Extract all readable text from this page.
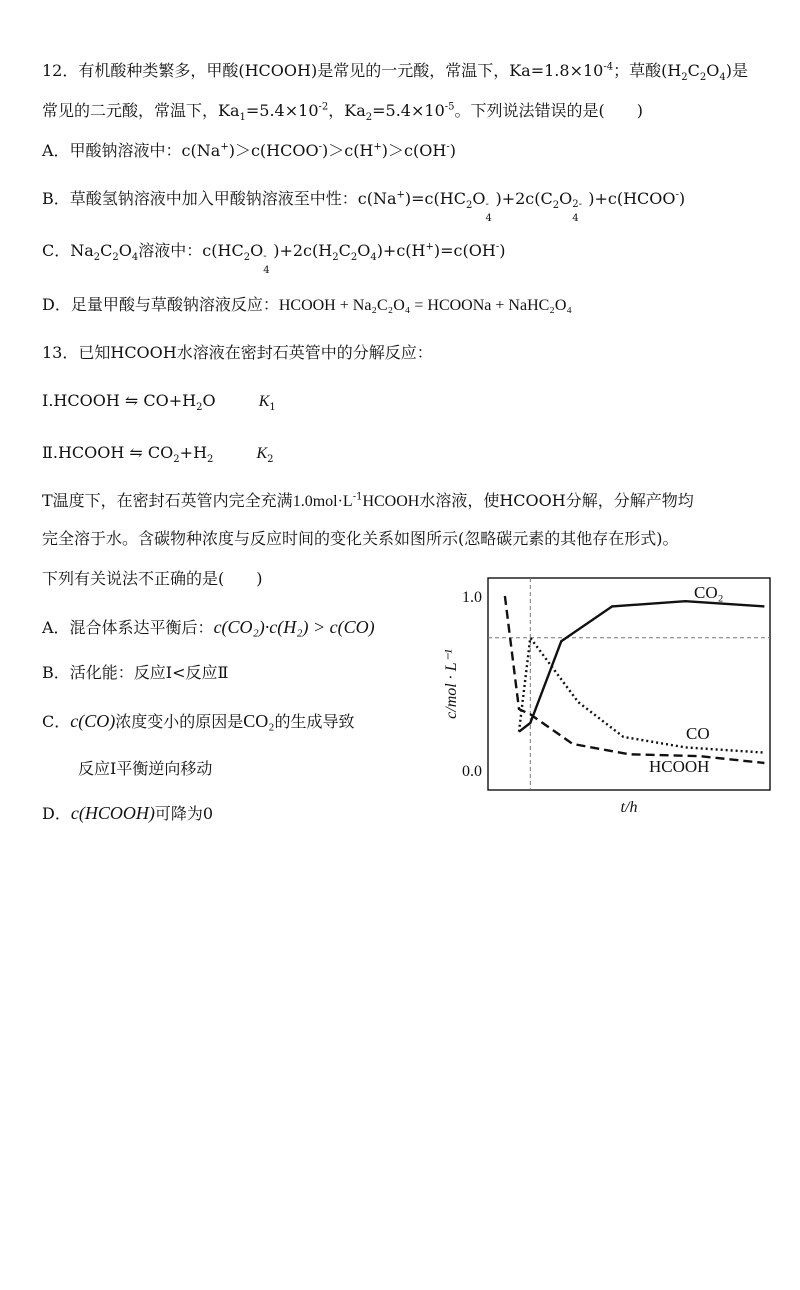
12．有机酸种类繁多，甲酸(HCOOH)是常见的一元酸，常温下，$Ka=1.8\times 10^{-4}$；草酸$(H_2C_2O_4)$是
常见的二元酸，常温下，$Ka_1=5.4\times 10^{-2}$，$Ka_2=5.4\times 10^{-5}$。下列说法错误的是(　　)
A．甲酸钠溶液中：c(Na+)＞c(HCOO-)＞c(H+)＞c(OH-)
B．草酸氢钠溶液中加入甲酸钠溶液至中性：$c(Na^+)=c(HC_2O$ -
4
)$+2c(C_2O$ 2-
4
)+c(HCOO-)
C．$Na_2C_2O_4$溶液中：$c(HC_2O$ -
4
)$+2c(H_2C_2O_4)+c(H^+)=c(OH^-)$
D．足量甲酸与草酸钠溶液反应：HCOOH + Na₂C₂O₄ = HCOONa + NaHC₂O₄
13．已知HCOOH水溶液在密封石英管中的分解反应：
Ⅰ.HCOOH ⇋ $CO+H_2O$	$K_1$
Ⅱ.HCOOH ⇋ $CO_2+H_2$	$K_2$
T温度下，在密封石英管内完全充满$1.0mol\cdot L^{-1}HCOOH$水溶液，使HCOOH分解，分解产物均
完全溶于水。含碳物种浓度与反应时间的变化关系如图所示(忽略碳元素的其他存在形式)。
下列有关说法不正确的是(　　)
A．混合体系达平衡后：c(CO₂)·c(H₂) > c(CO)
B．活化能：反应Ⅰ<反应Ⅱ
C．c(CO)浓度变小的原因是CO₂的生成导致
反应Ⅰ平衡逆向移动
D．c(HCOOH)可降为0
1.0
0.0
c/mol · L⁻¹
t/h
CO₂
CO
HCOOH
